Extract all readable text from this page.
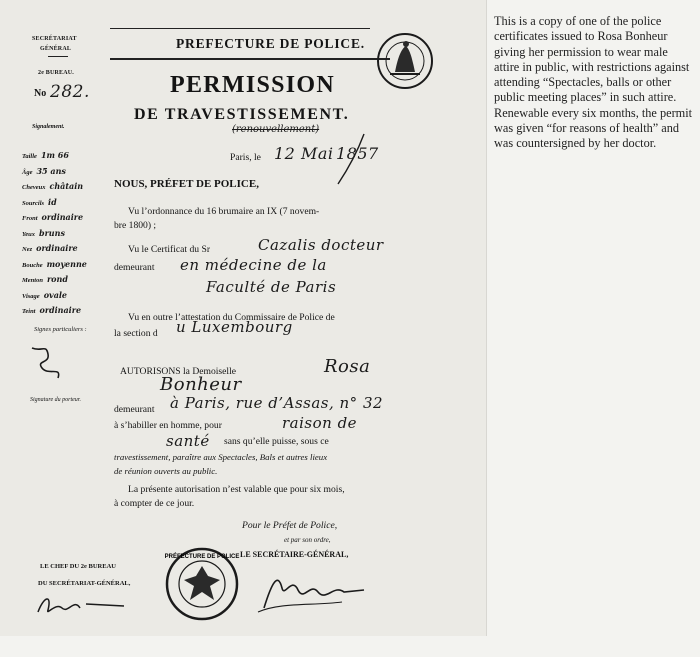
SECRÉTARIAT
GÉNÉRAL
2e BUREAU.
No 282.
Signalement.
Taille 1m 66
Âge 35 ans
Cheveux châtain
Sourcils id
Front ordinaire
Yeux bruns
Nez ordinaire
Bouche moyenne
Menton rond
Visage ovale
Teint ordinaire
Signes particuliers :
Signature du porteur.
LE CHEF DU 2e BUREAU
DU SECRÉTARIAT-GÉNÉRAL,
PREFECTURE DE POLICE.
PERMISSION
DE TRAVESTISSEMENT.
(renouvellement)
Paris, le 12 Mai 1857
NOUS, PRÉFET DE POLICE,
Vu l’ordonnance du 16 brumaire an IX (7 novem-
bre 1800) ;
Vu le Certificat du Sr	Cazalis docteur
demeurant en médecine de la
Faculté de Paris
Vu en outre l’attestation du Commissaire de Police de
la section d u Luxembourg
AUTORISONS la Demoiselle	Rosa
Bonheur
demeurant à Paris, rue d’Assas, n° 32
à s’habiller en homme, pour	raison de
santé sans qu’elle puisse, sous ce
travestissement, paraître aux Spectacles, Bals et autres lieux
de réunion ouverts au public.
La présente autorisation n’est valable que pour six mois,
à compter de ce jour.
Pour le Préfet de Police,
et par son ordre,
LE SECRÉTAIRE-GÉNÉRAL,
PRÉFECTURE DE POLICE
This is a copy of one of the police certificates issued to Rosa Bonheur giving her permission to wear male attire in public, with restrictions against attending “Spectacles, balls or other public meeting places” in such attire. Renewable every six months, the permit was given “for reasons of health” and was countersigned by her doctor.
